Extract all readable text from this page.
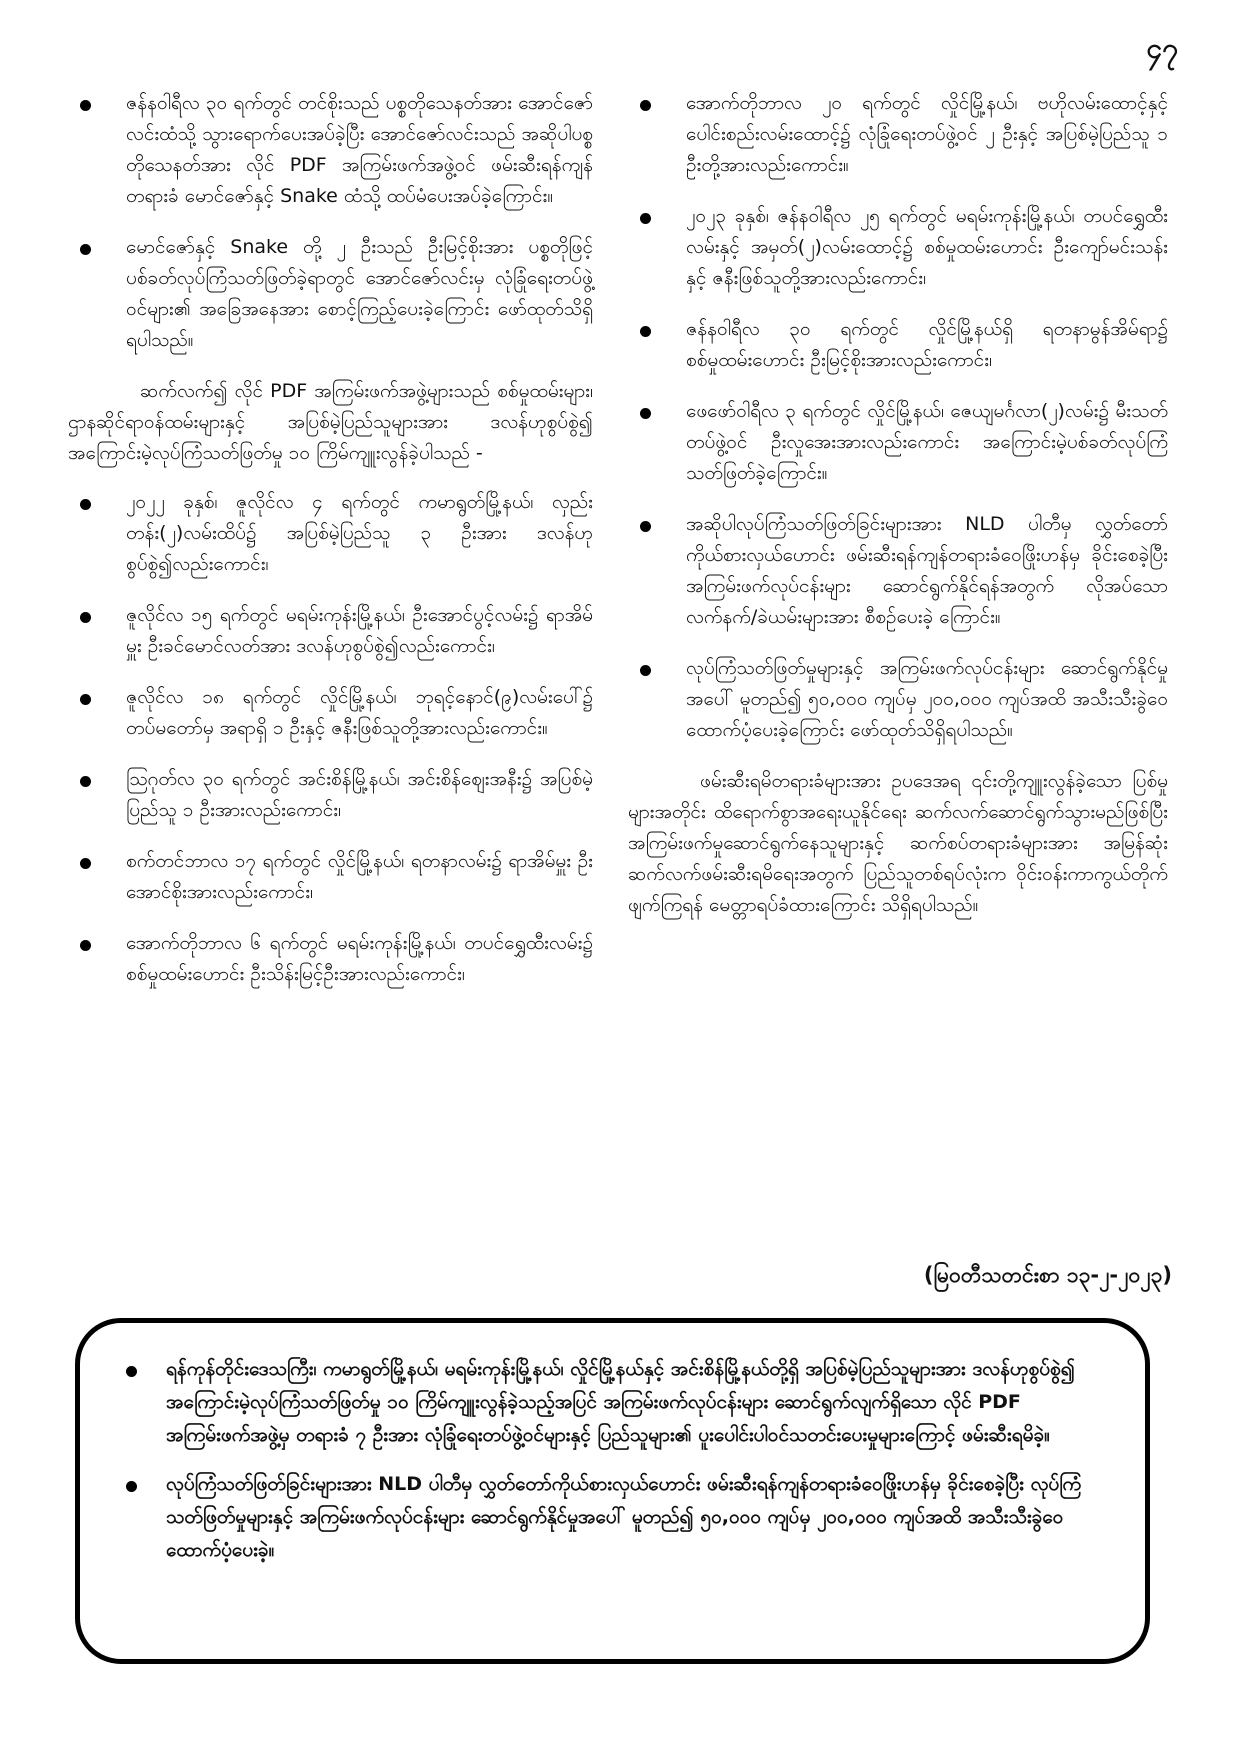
၄၇
ဇန်နဝါရီလ ၃၀ ရက်တွင် တင်စိုးသည် ပစ္စတိုသေနတ်အား အောင်ဇော်လင်းထံသို့ သွားရောက်ပေးအပ်ခဲ့ပြီး အောင်ဇော်လင်းသည် အဆိုပါပစ္စတိုသေနတ်အား လိုင် PDF အကြမ်းဖက်အဖွဲ့ဝင် ဖမ်းဆီးရန်ကျန် တရားခံ မောင်ဇော်နှင့် Snake ထံသို့ ထပ်မံပေးအပ်ခဲ့ကြောင်း။
မောင်ဇော်နှင့် Snake တို့ ၂ ဦးသည် ဦးမြင့်စိုးအား ပစ္စတိုဖြင့် ပစ်ခတ်လုပ်ကြံသတ်ဖြတ်ခဲ့ရာတွင် အောင်ဇော်လင်းမှ လုံခြုံရေးတပ်ဖွဲ့ဝင်များ၏ အခြေအနေအား စောင့်ကြည့်ပေးခဲ့ကြောင်း ဖော်ထုတ်သိရှိရပါသည်။

ဆက်လက်၍ လိုင် PDF အကြမ်းဖက်အဖွဲ့များသည် စစ်မှုထမ်းများ၊ ဌာနဆိုင်ရာဝန်ထမ်းများနှင့် အပြစ်မဲ့ပြည်သူများအား ဒလန်ဟုစွပ်စွဲ၍ အကြောင်းမဲ့လုပ်ကြံသတ်ဖြတ်မှု ၁၀ ကြိမ်ကျူးလွန်ခဲ့ပါသည် -

၂၀၂၂ ခုနှစ်၊ ဇူလိုင်လ ၄ ရက်တွင် ကမာရွတ်မြို့နယ်၊ လှည်းတန်း(၂)လမ်းထိပ်၌ အပြစ်မဲ့ပြည်သူ ၃ ဦးအား ဒလန်ဟုစွပ်စွဲ၍လည်းကောင်း၊
ဇူလိုင်လ ၁၅ ရက်တွင် မရမ်းကုန်းမြို့နယ်၊ ဦးအောင်ပွင့်လမ်း၌ ရာအိမ်မှူး ဦးခင်မောင်လတ်အား ဒလန်ဟုစွပ်စွဲ၍လည်းကောင်း၊
ဇူလိုင်လ ၁၈ ရက်တွင် လှိုင်မြို့နယ်၊ ဘုရင့်နောင်(၉)လမ်းပေါ်၌ တပ်မတော်မှ အရာရှိ ၁ ဦးနှင့် ဇနီးဖြစ်သူတို့အားလည်းကောင်း။
ဩဂုတ်လ ၃၀ ရက်တွင် အင်းစိန်မြို့နယ်၊ အင်းစိန်ဈေးအနီး၌ အပြစ်မဲ့ပြည်သူ ၁ ဦးအားလည်းကောင်း၊
စက်တင်ဘာလ ၁၇ ရက်တွင် လှိုင်မြို့နယ်၊ ရတနာလမ်း၌ ရာအိမ်မှူး ဦးအောင်စိုးအားလည်းကောင်း၊
အောက်တိုဘာလ ၆ ရက်တွင် မရမ်းကုန်းမြို့နယ်၊ တပင်ရွှေထီးလမ်း၌ စစ်မှုထမ်းဟောင်း ဦးသိန်းမြင့်ဦးအားလည်းကောင်း၊
အောက်တိုဘာလ ၂၀ ရက်တွင် လှိုင်မြို့နယ်၊ ဗဟိုလမ်းထောင့်နှင့် ပေါင်းစည်းလမ်းထောင့်၌ လုံခြုံရေးတပ်ဖွဲ့ဝင် ၂ ဦးနှင့် အပြစ်မဲ့ပြည်သူ ၁ ဦးတို့အားလည်းကောင်း။
၂၀၂၃ ခုနှစ်၊ ဇန်နဝါရီလ ၂၅ ရက်တွင် မရမ်းကုန်းမြို့နယ်၊ တပင်ရွှေထီးလမ်းနှင့် အမှတ်(၂)လမ်းထောင့်၌ စစ်မှုထမ်းဟောင်း ဦးကျော်မင်းသန်းနှင့် ဇနီးဖြစ်သူတို့အားလည်းကောင်း၊
ဇန်နဝါရီလ ၃၀ ရက်တွင် လှိုင်မြို့နယ်ရှိ ရတနာမွန်အိမ်ရာ၌ စစ်မှုထမ်းဟောင်း ဦးမြင့်စိုးအားလည်းကောင်း၊
ဖေဖော်ဝါရီလ ၃ ရက်တွင် လှိုင်မြို့နယ်၊ ဇေယျမင်္ဂလာ(၂)လမ်း၌ မီးသတ်တပ်ဖွဲ့ဝင် ဦးလှုအေးအားလည်းကောင်း အကြောင်းမဲ့ပစ်ခတ်လုပ်ကြံသတ်ဖြတ်ခဲ့ကြောင်း။
အဆိုပါလုပ်ကြံသတ်ဖြတ်ခြင်းများအား NLD ပါတီမှ လွှတ်တော်ကိုယ်စားလှယ်ဟောင်း ဖမ်းဆီးရန်ကျန်တရားခံဝေဖြိုးဟန်မှ ခိုင်းစေခဲ့ပြီး အကြမ်းဖက်လုပ်ငန်းများ ဆောင်ရွက်နိုင်ရန်အတွက် လိုအပ်သော လက်နက်/ခဲယမ်းများအား စီစဉ်ပေးခဲ့ ကြောင်း။
လုပ်ကြံသတ်ဖြတ်မှုများနှင့် အကြမ်းဖက်လုပ်ငန်းများ ဆောင်ရွက်နိုင်မှုအပေါ် မူတည်၍ ၅၀,၀၀၀ ကျပ်မှ ၂၀၀,၀၀၀ ကျပ်အထိ အသီးသီးခွဲဝေထောက်ပံ့ပေးခဲ့ကြောင်း ဖော်ထုတ်သိရှိရပါသည်။

ဖမ်းဆီးရမိတရားခံများအား ဥပဒေအရ ၎င်းတို့ကျူးလွန်ခဲ့သော ပြစ်မှုများအတိုင်း ထိရောက်စွာအရေးယူနိုင်ရေး ဆက်လက်ဆောင်ရွက်သွားမည်ဖြစ်ပြီး အကြမ်းဖက်မှုဆောင်ရွက်နေသူများနှင့် ဆက်စပ်တရားခံများအား အမြန်ဆုံးဆက်လက်ဖမ်းဆီးရမိရေးအတွက် ပြည်သူတစ်ရပ်လုံးက ဝိုင်းဝန်းကာကွယ်တိုက်ဖျက်ကြရန် မေတ္တာရပ်ခံထားကြောင်း သိရှိရပါသည်။

(မြဝတီသတင်းစာ ၁၃-၂-၂၀၂၃)
ရန်ကုန်တိုင်းဒေသကြီး၊ ကမာရွတ်မြို့နယ်၊ မရမ်းကုန်းမြို့နယ်၊ လှိုင်မြို့နယ်နှင့် အင်းစိန်မြို့နယ်တို့ရှိ အပြစ်မဲ့ပြည်သူများအား ဒလန်ဟုစွပ်စွဲ၍ အကြောင်းမဲ့လုပ်ကြံသတ်ဖြတ်မှု ၁၀ ကြိမ်ကျူးလွန်ခဲ့သည့်အပြင် အကြမ်းဖက်လုပ်ငန်းများ ဆောင်ရွက်လျက်ရှိသော လိုင် PDF အကြမ်းဖက်အဖွဲ့မှ တရားခံ ၇ ဦးအား လုံခြုံရေးတပ်ဖွဲ့ဝင်များနှင့် ပြည်သူများ၏ ပူးပေါင်းပါဝင်သတင်းပေးမှုများကြောင့် ဖမ်းဆီးရမိခဲ့။
လုပ်ကြံသတ်ဖြတ်ခြင်းများအား NLD ပါတီမှ လွှတ်တော်ကိုယ်စားလှယ်ဟောင်း ဖမ်းဆီးရန်ကျန်တရားခံဝေဖြိုးဟန်မှ ခိုင်းစေခဲ့ပြီး လုပ်ကြံသတ်ဖြတ်မှုများနှင့် အကြမ်းဖက်လုပ်ငန်းများ ဆောင်ရွက်နိုင်မှုအပေါ် မူတည်၍ ၅၀,၀၀၀ ကျပ်မှ ၂၀၀,၀၀၀ ကျပ်အထိ အသီးသီးခွဲဝေထောက်ပံ့ပေးခဲ့။
